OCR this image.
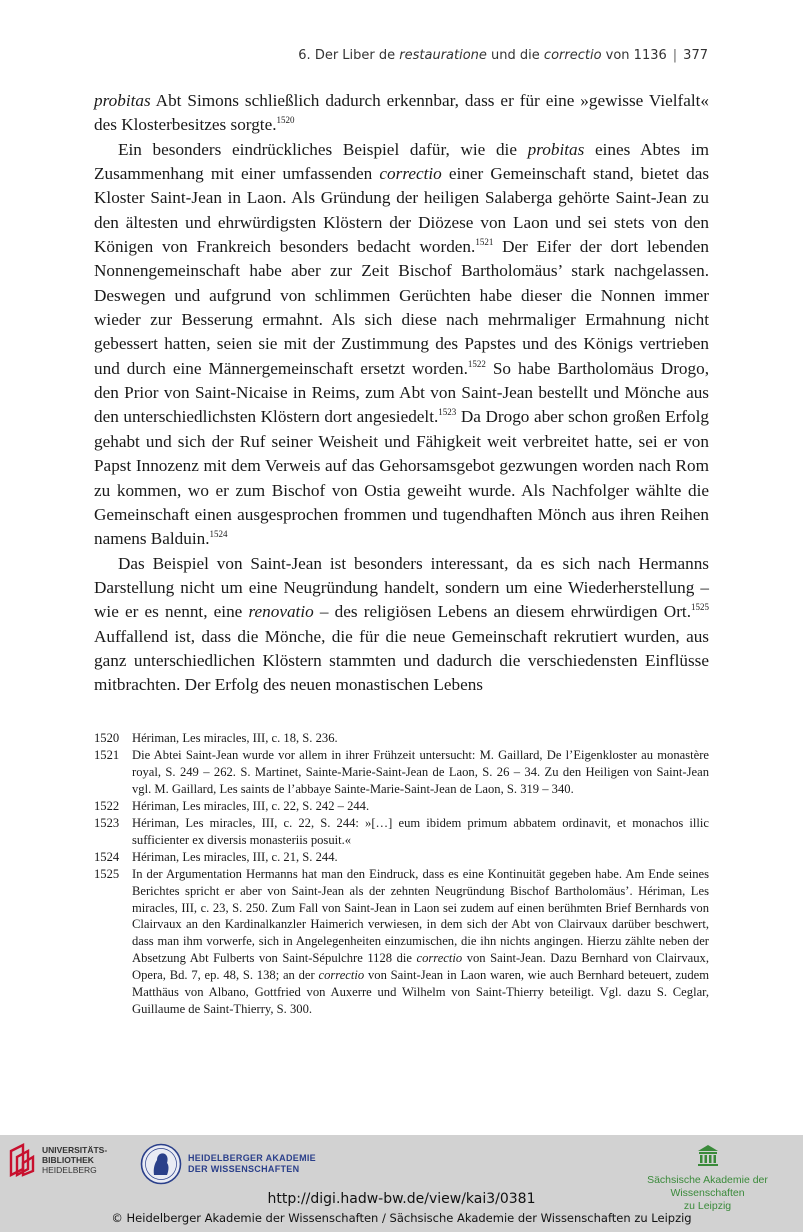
6. Der Liber de restauratione und die correctio von 1136 | 377

probitas Abt Simons schließlich dadurch erkennbar, dass er für eine »gewisse Vielfalt« des Klosterbesitzes sorgte.$^{1520}$

Ein besonders eindrückliches Beispiel dafür, wie die probitas eines Abtes im Zusammenhang mit einer umfassenden correctio einer Gemeinschaft stand, bietet das Kloster Saint-Jean in Laon. Als Gründung der heiligen Salaberga gehörte Saint-Jean zu den ältesten und ehrwürdigsten Klöstern der Diözese von Laon und sei stets von den Königen von Frankreich besonders bedacht worden.$^{1521}$ Der Eifer der dort lebenden Nonnengemeinschaft habe aber zur Zeit Bischof Bartholomäus’ stark nachgelassen. Deswegen und aufgrund von schlimmen Gerüchten habe dieser die Nonnen immer wieder zur Besserung ermahnt. Als sich diese nach mehrmaliger Ermahnung nicht gebessert hatten, seien sie mit der Zustimmung des Papstes und des Königs vertrieben und durch eine Männergemeinschaft ersetzt worden.$^{1522}$ So habe Bartholomäus Drogo, den Prior von Saint-Nicaise in Reims, zum Abt von Saint-Jean bestellt und Mönche aus den unterschiedlichsten Klöstern dort angesiedelt.$^{1523}$ Da Drogo aber schon großen Erfolg gehabt und sich der Ruf seiner Weisheit und Fähigkeit weit verbreitet hatte, sei er von Papst Innozenz mit dem Verweis auf das Gehorsamsgebot gezwungen worden nach Rom zu kommen, wo er zum Bischof von Ostia geweiht wurde. Als Nachfolger wählte die Gemeinschaft einen ausgesprochen frommen und tugendhaften Mönch aus ihren Reihen namens Balduin.$^{1524}$

Das Beispiel von Saint-Jean ist besonders interessant, da es sich nach Hermanns Darstellung nicht um eine Neugründung handelt, sondern um eine Wiederherstellung – wie er es nennt, eine renovatio – des religiösen Lebens an diesem ehrwürdigen Ort.$^{1525}$ Auffallend ist, dass die Mönche, die für die neue Gemeinschaft rekrutiert wurden, aus ganz unterschiedlichen Klöstern stammten und dadurch die verschiedensten Einflüsse mitbrachten. Der Erfolg des neuen monastischen Lebens

1520	Hériman, Les miracles, III, c. 18, S. 236.
1521	Die Abtei Saint-Jean wurde vor allem in ihrer Frühzeit untersucht: M. Gaillard, De l’Eigenkloster au monastère royal, S. 249 – 262. S. Martinet, Sainte-Marie-Saint-Jean de Laon, S. 26 – 34. Zu den Heiligen von Saint-Jean vgl. M. Gaillard, Les saints de l’abbaye Sainte-Marie-Saint-Jean de Laon, S. 319 – 340.
1522	Hériman, Les miracles, III, c. 22, S. 242 – 244.
1523	Hériman, Les miracles, III, c. 22, S. 244: »[…] eum ibidem primum abbatem ordinavit, et monachos illic sufficienter ex diversis monasteriis posuit.«
1524	Hériman, Les miracles, III, c. 21, S. 244.
1525	In der Argumentation Hermanns hat man den Eindruck, dass es eine Kontinuität gegeben habe. Am Ende seines Berichtes spricht er aber von Saint-Jean als der zehnten Neugründung Bischof Bartholomäus’. Hériman, Les miracles, III, c. 23, S. 250. Zum Fall von Saint-Jean in Laon sei zudem auf einen berühmten Brief Bernhards von Clairvaux an den Kardinalkanzler Haimerich verwiesen, in dem sich der Abt von Clairvaux darüber beschwert, dass man ihm vorwerfe, sich in Angelegenheiten einzumischen, die ihn nichts angingen. Hierzu zählte neben der Absetzung Abt Fulberts von Saint-Sépulchre 1128 die correctio von Saint-Jean. Dazu Bernhard von Clairvaux, Opera, Bd. 7, ep. 48, S. 138; an der correctio von Saint-Jean in Laon waren, wie auch Bernhard beteuert, zudem Matthäus von Albano, Gottfried von Auxerre und Wilhelm von Saint-Thierry beteiligt. Vgl. dazu S. Ceglar, Guillaume de Saint-Thierry, S. 300.
UNIVERSITÄTS-
BIBLIOTHEK
HEIDELBERG
HEIDELBERGER AKADEMIE
DER WISSENSCHAFTEN
Sächsische Akademie der Wissenschaften
zu Leipzig
http://digi.hadw-bw.de/view/kai3/0381
© Heidelberger Akademie der Wissenschaften / Sächsische Akademie der Wissenschaften zu Leipzig
